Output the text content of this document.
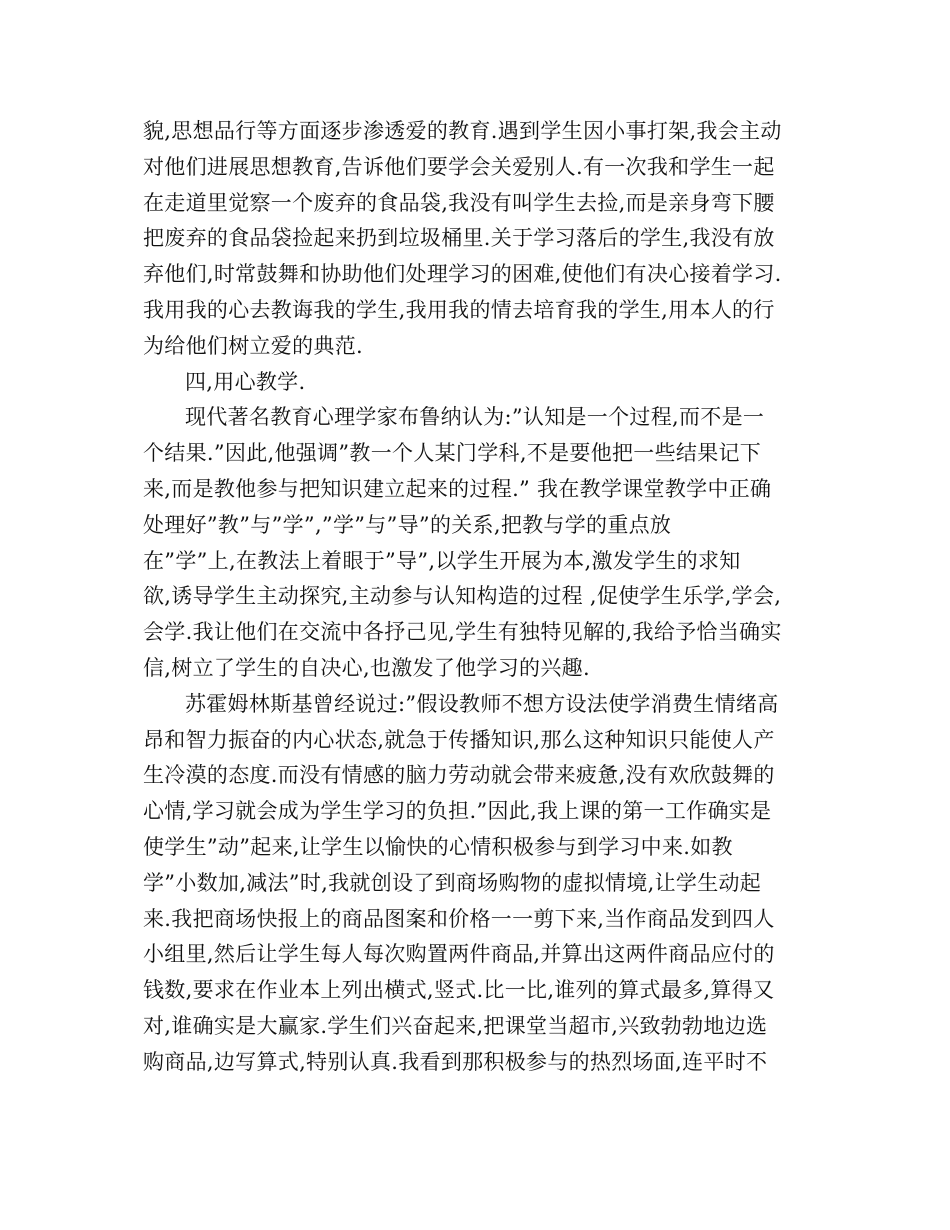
貌,思想品行等方面逐步渗透爱的教育.遇到学生因小事打架,我会主动
对他们进展思想教育,告诉他们要学会关爱别人.有一次我和学生一起
在走道里觉察一个废弃的食品袋,我没有叫学生去捡,而是亲身弯下腰
把废弃的食品袋捡起来扔到垃圾桶里.关于学习落后的学生,我没有放
弃他们,时常鼓舞和协助他们处理学习的困难,使他们有决心接着学习.
我用我的心去教诲我的学生,我用我的情去培育我的学生,用本人的行
为给他们树立爱的典范.
四,用心教学.
现代著名教育心理学家布鲁纳认为:”认知是一个过程,而不是一
个结果.”因此,他强调”教一个人某门学科,不是要他把一些结果记下
来,而是教他参与把知识建立起来的过程.” 我在教学课堂教学中正确
处理好”教”与”学”,”学”与”导”的关系,把教与学的重点放
在”学”上,在教法上着眼于”导”,以学生开展为本,激发学生的求知
欲,诱导学生主动探究,主动参与认知构造的过程 ,促使学生乐学,学会,
会学.我让他们在交流中各抒己见,学生有独特见解的,我给予恰当确实
信,树立了学生的自决心,也激发了他学习的兴趣.
苏霍姆林斯基曾经说过:”假设教师不想方设法使学消费生情绪高
昂和智力振奋的内心状态,就急于传播知识,那么这种知识只能使人产
生冷漠的态度.而没有情感的脑力劳动就会带来疲惫,没有欢欣鼓舞的
心情,学习就会成为学生学习的负担.”因此,我上课的第一工作确实是
使学生”动”起来,让学生以愉快的心情积极参与到学习中来.如教
学”小数加,减法”时,我就创设了到商场购物的虚拟情境,让学生动起
来.我把商场快报上的商品图案和价格一一剪下来,当作商品发到四人
小组里,然后让学生每人每次购置两件商品,并算出这两件商品应付的
钱数,要求在作业本上列出横式,竖式.比一比,谁列的算式最多,算得又
对,谁确实是大赢家.学生们兴奋起来,把课堂当超市,兴致勃勃地边选
购商品,边写算式,特别认真.我看到那积极参与的热烈场面,连平时不
